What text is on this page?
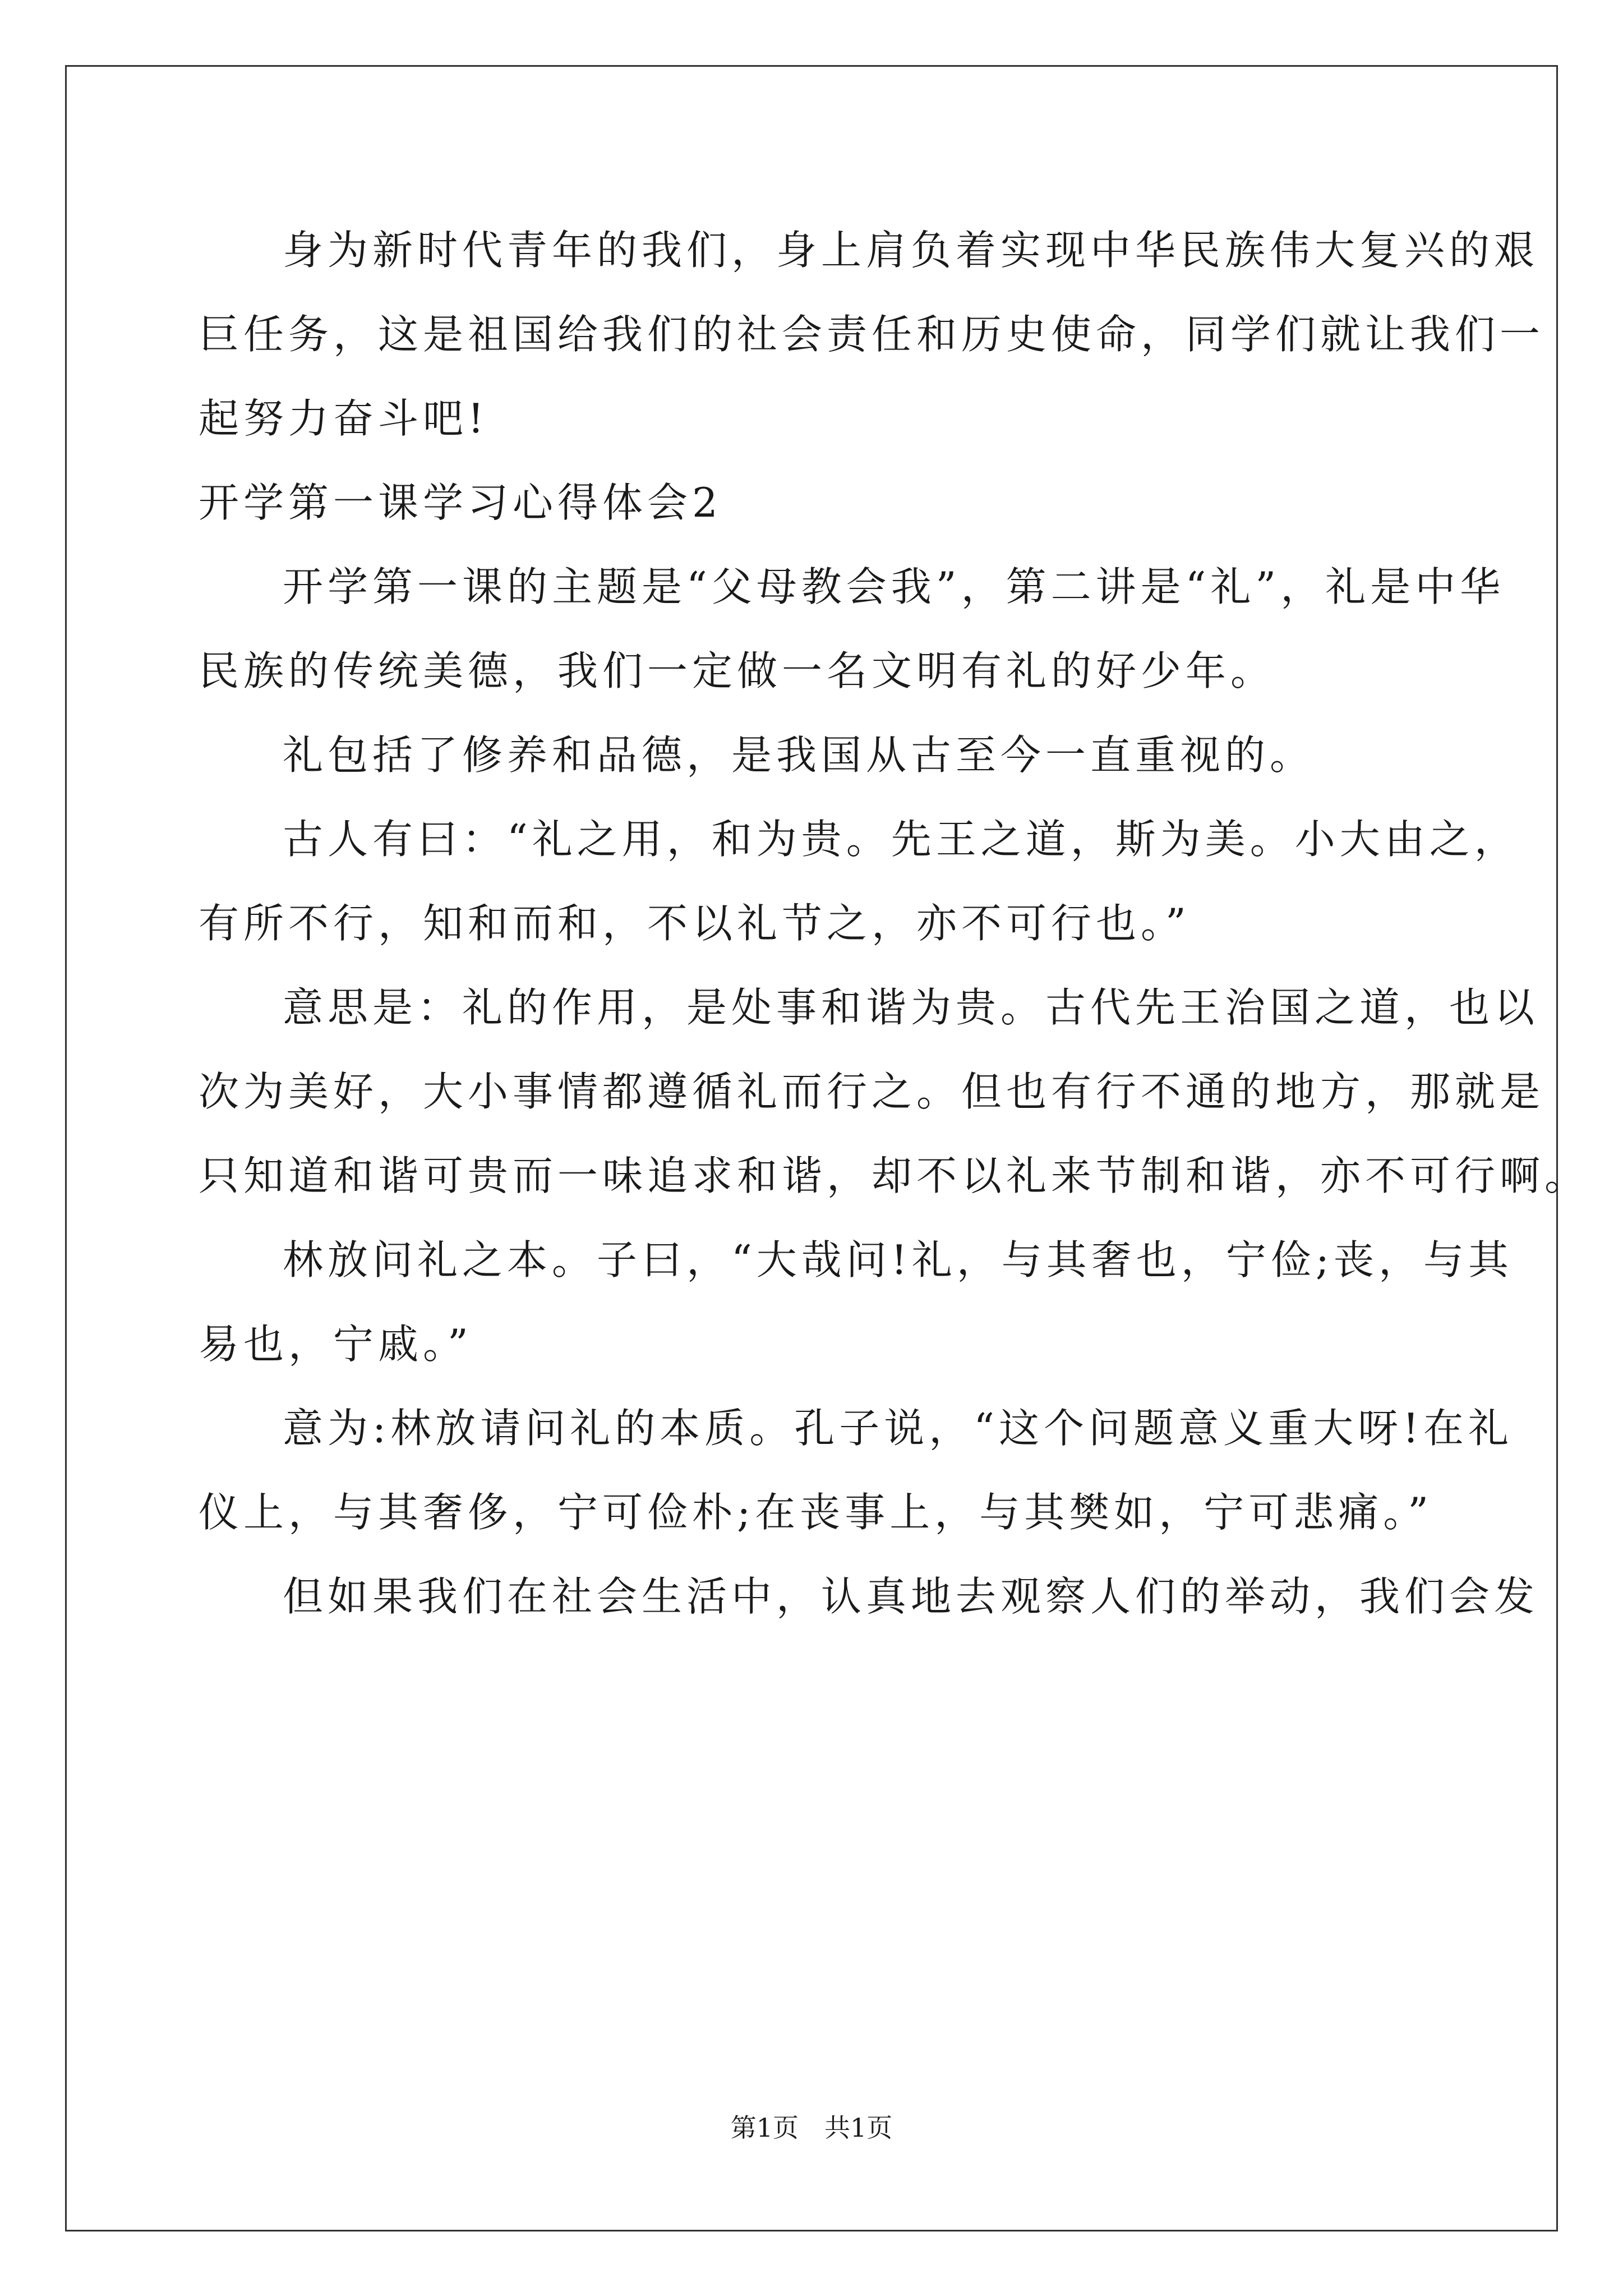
身为新时代青年的我们，身上肩负着实现中华民族伟大复兴的艰
巨任务，这是祖国给我们的社会责任和历史使命，同学们就让我们一
起努力奋斗吧!
开学第一课学习心得体会2
开学第一课的主题是“父母教会我”，第二讲是“礼”，礼是中华
民族的传统美德，我们一定做一名文明有礼的好少年。
礼包括了修养和品德，是我国从古至今一直重视的。
古人有曰：“礼之用，和为贵。先王之道，斯为美。小大由之，
有所不行，知和而和，不以礼节之，亦不可行也。”
意思是：礼的作用，是处事和谐为贵。古代先王治国之道，也以
次为美好，大小事情都遵循礼而行之。但也有行不通的地方，那就是
只知道和谐可贵而一味追求和谐，却不以礼来节制和谐，亦不可行啊。
林放问礼之本。子曰，“大哉问!礼，与其奢也，宁俭;丧，与其
易也，宁戚。”
意为:林放请问礼的本质。孔子说，“这个问题意义重大呀!在礼
仪上，与其奢侈，宁可俭朴;在丧事上，与其樊如，宁可悲痛。”
但如果我们在社会生活中，认真地去观察人们的举动，我们会发
第1页　共1页
